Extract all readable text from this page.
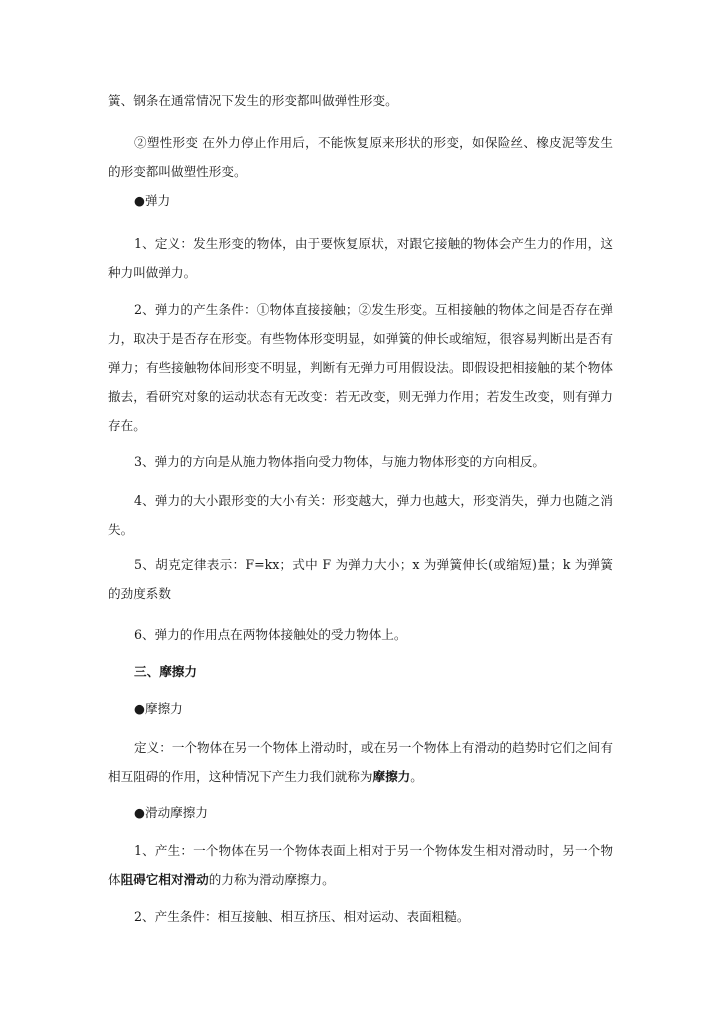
簧、钢条在通常情况下发生的形变都叫做弹性形变。

②塑性形变 在外力停止作用后，不能恢复原来形状的形变，如保险丝、橡皮泥等发生的形变都叫做塑性形变。

●弹力

1、定义：发生形变的物体，由于要恢复原状，对跟它接触的物体会产生力的作用，这种力叫做弹力。

2、弹力的产生条件：①物体直接接触；②发生形变。互相接触的物体之间是否存在弹力，取决于是否存在形变。有些物体形变明显，如弹簧的伸长或缩短，很容易判断出是否有弹力；有些接触物体间形变不明显，判断有无弹力可用假设法。即假设把相接触的某个物体撤去，看研究对象的运动状态有无改变：若无改变，则无弹力作用；若发生改变，则有弹力存在。

3、弹力的方向是从施力物体指向受力物体，与施力物体形变的方向相反。

4、弹力的大小跟形变的大小有关：形变越大，弹力也越大，形变消失，弹力也随之消失。

5、胡克定律表示：F=kx；式中 F 为弹力大小；x 为弹簧伸长(或缩短)量；k 为弹簧的劲度系数

6、弹力的作用点在两物体接触处的受力物体上。

三、摩擦力

●摩擦力

定义：一个物体在另一个物体上滑动时，或在另一个物体上有滑动的趋势时它们之间有相互阻碍的作用，这种情况下产生力我们就称为摩擦力。

●滑动摩擦力

1、产生：一个物体在另一个物体表面上相对于另一个物体发生相对滑动时，另一个物体阻碍它相对滑动的力称为滑动摩擦力。

2、产生条件：相互接触、相互挤压、相对运动、表面粗糙。
